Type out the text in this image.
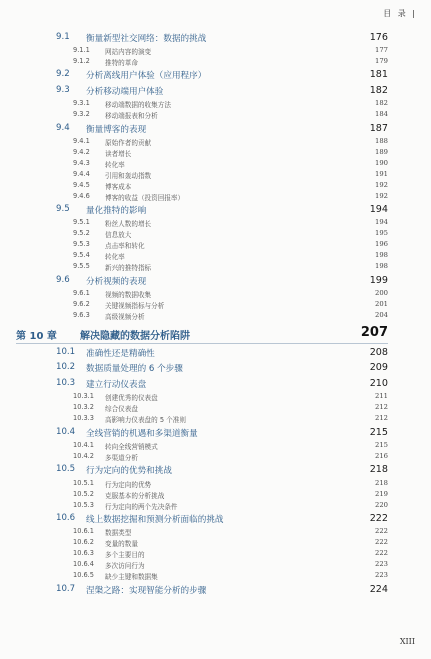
目 录 |
9.1 衡量新型社交网络：数据的挑战	176
9.1.1 网站内容的演变	177
9.1.2 推特的革命	179
9.2 分析离线用户体验（应用程序）	181
9.3 分析移动端用户体验	182
9.3.1 移动端数据的收集方法	182
9.3.2 移动端报表和分析	184
9.4 衡量博客的表现	187
9.4.1 原始作者的贡献	188
9.4.2 读者增长	189
9.4.3 转化率	190
9.4.4 引用和轰动指数	191
9.4.5 博客成本	192
9.4.6 博客的收益（投资回报率）	192
9.5 量化推特的影响	194
9.5.1 粉丝人数的增长	194
9.5.2 信息放大	195
9.5.3 点击率和转化	196
9.5.4 转化率	198
9.5.5 新兴的推特指标	198
9.6 分析视频的表现	199
9.6.1 视频的数据收集	200
9.6.2 关键视频指标与分析	201
9.6.3 高级视频分析	204
第 10 章 解决隐藏的数据分析陷阱	207
10.1 准确性还是精确性	208
10.2 数据质量处理的 6 个步骤	209
10.3 建立行动仪表盘	210
10.3.1 创建优秀的仪表盘	211
10.3.2 综合仪表盘	212
10.3.3 高影响力仪表盘的 5 个准则	212
10.4 全线营销的机遇和多渠道衡量	215
10.4.1 转向全线营销模式	215
10.4.2 多渠道分析	216
10.5 行为定向的优势和挑战	218
10.5.1 行为定向的优势	218
10.5.2 克服基本的分析挑战	219
10.5.3 行为定向的两个先决条件	220
10.6 线上数据挖掘和预测分析面临的挑战	222
10.6.1 数据类型	222
10.6.2 变量的数量	222
10.6.3 多个主要目的	222
10.6.4 多次访问行为	223
10.6.5 缺少主键和数据集	223
10.7 涅槃之路：实现智能分析的步骤	224
XIII
